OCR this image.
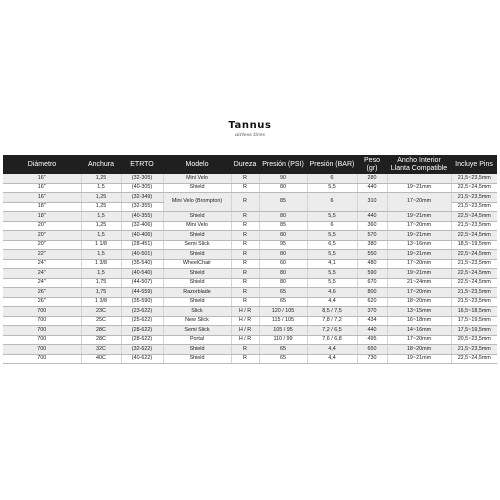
Tannus
airless tires
Diámetro	Anchura	ETRTO	Modelo	Dureza	Presión (PSI)	Presión (BAR)	Peso (gr)	Ancho Interior Llanta Compatible	Incluye Pins
16"	1,25	(32-305)	Mini Velo	R	90	6	280		21,5~23,5mm
16"	1,5	(40-305)	Shield	R	80	5,5	440	19~21mm	22,5~24,5mm
16"	1,25	(32-349)	Mini Velo (Brompton)	R	85	6	310	17~20mm	21,5~23,5mm
18"	1,25	(32-355)							21,5~23,5mm
18"	1,5	(40-355)	Shield	R	80	5,5	440	19~21mm	22,5~24,5mm
20"	1,25	(32-406)	Mini Velo	R	85	6	360	17~20mm	21,5~23,5mm
20"	1,5	(40-406)	Shield	R	80	5,5	570	19~21mm	22,5~24,5mm
20"	1 1/8	(28-451)	Semi Slick	R	95	6,5	380	13~16mm	18,5~19,5mm
22"	1,5	(40-501)	Shield	R	80	5,5	550	19~21mm	22,5~24,5mm
24"	1 3/8	(35-540)	WheelChair	R	60	4,1	480	17~20mm	21,5~23,5mm
24"	1,5	(40-540)	Shield	R	80	5,5	590	19~21mm	22,5~24,5mm
24"	1,75	(44-507)	Shield	R	80	5,5	670	21~24mm	22,5~24,5mm
26"	1,75	(44-559)	Razorblade	R	65	4,6	800	17~20mm	21,5~23,5mm
26"	1 3/8	(35-590)	Shield	R	65	4,4	620	18~20mm	21,5~23,5mm
700	23C	(23-622)	Slick	H / R	120 / 105	8,5 / 7,5	370	13~15mm	16,5~18,5mm
700	25C	(25-622)	New Slick	H / R	115 / 105	7,8 / 7,2	434	16~18mm	17,5~19,5mm
700	28C	(28-622)	Semi Slick	H / R	105 / 95	7,2 / 6,5	440	14~16mm	17,5~19,5mm
700	28C	(28-622)	Portal	H / R	110 / 99	7,6 / 6,8	495	17~20mm	20,5~23,5mm
700	32C	(32-622)	Shield	R	65	4,4	650	18~20mm	21,5~23,5mm
700	40C	(40-622)	Shield	R	65	4,4	730	19~21mm	22,5~24,5mm
